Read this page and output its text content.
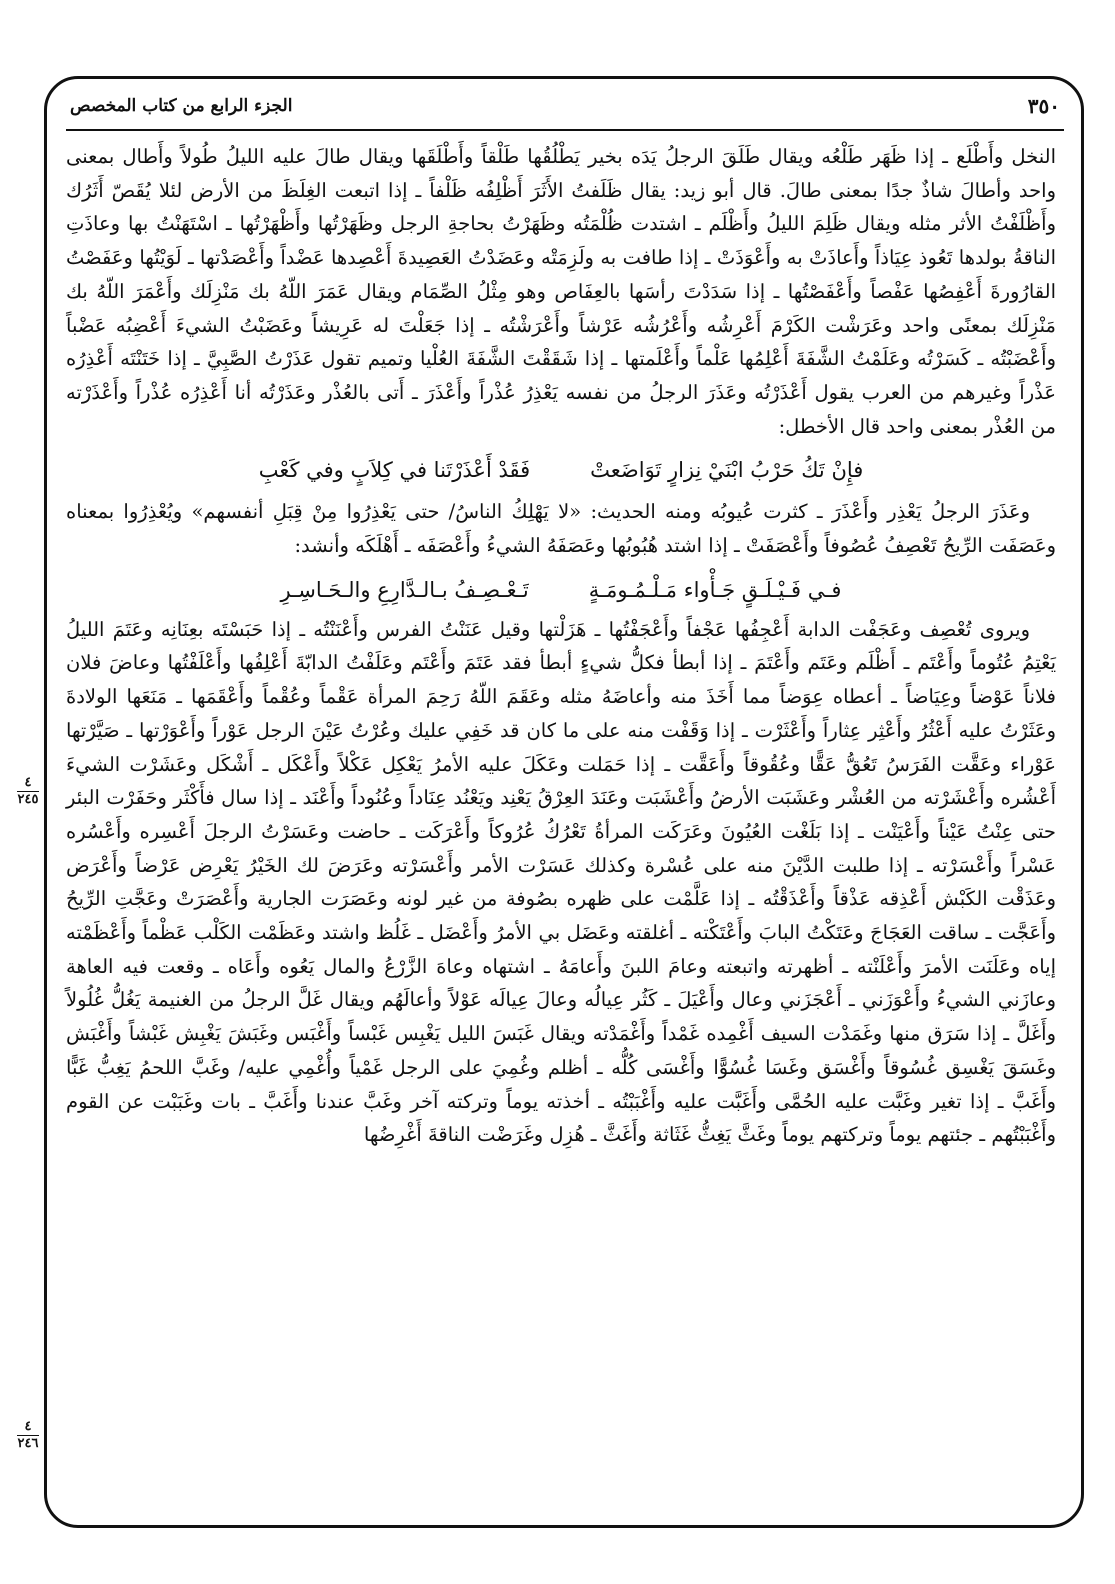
٣٥٠
الجزء الرابع من كتاب المخصص
٤
٢٤٥
٤
٢٤٦

النخل وأَطْلَع ـ إذا ظَهَر طَلْعُه ويقال طَلَقَ الرجلُ يَدَه بخير يَطْلُقُها طَلْقاً وأَطْلَقَها ويقال طالَ عليه الليلُ طُولاً وأَطال بمعنى واحد وأطالَ شاذٌ جدًا بمعنى طالَ. قال أبو زيد: يقال ظَلَفتُ الأَثَرَ أَظْلِفُه ظَلْفاً ـ إذا اتبعت الغِلَظَ من الأرض لئلا يُقَصّ أَثَرُك وأَظْلَفْتُ الأثر مثله ويقال ظَلِمَ الليلُ وأَظْلَم ـ اشتدت ظُلْمَتُه وظَهَرْتُ بحاجةِ الرجل وظَهَرْتُها وأَظْهَرْتُها ـ اسْتَهَنْتُ بها وعاذَتِ الناقةُ بولدها تَعُوذ عِيَاذاً وأَعاذَتْ به وأَعْوَذَتْ ـ إذا طافت به ولَزِمَتْه وعَضَدْتُ العَصِيدةَ أَعْصِدها عَضْداً وأَعْصَدْتها ـ لَوَيْتُها وعَفَصْتُ القارُورةَ أَعْفِصُها عَفْصاً وأَعْفَصْتُها ـ إذا سَدَدْتَ رأسَها بالعِفَاص وهو مِثْلُ الصِّمَام ويقال عَمَرَ اللّهُ بك مَنْزِلَك وأَعْمَرَ اللّهُ بك مَنْزِلَك بمعنًى واحد وعَرَشْت الكَرْمَ أَعْرِشُه وأَعْرُشُه عَرْشاً وأَعْرَشْتُه ـ إذا جَعَلْتَ له عَرِيشاً وعَضَبْتُ الشيءَ أَعْضِبُه عَضْباً وأَعْضَبْتُه ـ كَسَرْتُه وعَلَمْتُ الشَّفَةَ أَعْلِمُها عَلْماً وأَعْلَمتها ـ إذا شَقَقْتَ الشَّفَةَ العُلْيا وتميم تقول عَذَرْتُ الصَّبِيَّ ـ إذا خَتَنْتَه أَعْذِرُه عَذْراً وغيرهم من العرب يقول أَعْذَرْتُه وعَذَرَ الرجلُ من نفسه يَعْذِرُ عُذْراً وأَعْذَرَ ـ أَتى بالعُذْر وعَذَرْتُه أنا أَعْذِرُه عُذْراً وأَعْذَرْته من العُذْر بمعنى واحد قال الأخطل:

فإِنْ تَكُ حَرْبُ ابْنَيْ نِزارٍ تَوَاضَعتْ
فَقَدْ أَعْذَرْتَنا في كِلاَبٍ وفي كَعْبِ

وعَذَرَ الرجلُ يَعْذِر وأَعْذَرَ ـ كثرت عُيوبُه ومنه الحديث: «لا يَهْلِكُ الناسُ/ حتى يَعْذِرُوا مِنْ قِبَلِ أنفسهم» ويُعْذِرُوا بمعناه وعَصَفَت الرِّيحُ تَعْصِفُ عُصُوفاً وأَعْصَفَتْ ـ إذا اشتد هُبُوبُها وعَصَفَهُ الشيءُ وأَعْصَفَه ـ أَهْلَكَه وأنشد:

فـي فَـيْـلَـقٍ جَـأْواء مَـلْـمُـومَـةٍ
تَـعْـصِـفُ بـالـدَّارِعِ والـحَـاسِـرِ

ويروى تُعْصِف وعَجَفْت الدابة أَعْجِفُها عَجْفاً وأَعْجَفْتُها ـ هَزَلْتها وقيل عَنَنْتُ الفرس وأَعْنَنْتُه ـ إذا حَبَسْتَه بعِنَانِه وعَتَمَ الليلُ يَعْتِمُ عُتُوماً وأَعْتَم ـ أَظْلَم وعَتَم وأَعْتَمَ ـ إذا أبطأ فكلُّ شيءٍ أبطأ فقد عَتَمَ وأَعْتَم وعَلَفْتُ الدابّةَ أَعْلِفُها وأَعْلَفْتُها وعاضَ فلان فلاناً عَوْضاً وعِيَاضاً ـ أعطاه عِوَضاً مما أَخَذَ منه وأعاضَهُ مثله وعَقَمَ اللّهُ رَحِمَ المرأة عَقْماً وعُقْماً وأَعْقَمَها ـ مَنَعَها الولادةَ وعَثَرْتُ عليه أَعْثُرُ وأَعْثِر عِثاراً وأَعْثَرْت ـ إذا وَقَفْت منه على ما كان قد خَفِي عليك وعُرْتُ عَيْنَ الرجل عَوْراً وأَعْوَرْتها ـ صَيَّرْتها عَوْراء وعَقَّت الفَرَسُ تَعُقُّ عَقًّا وعُقُوقاً وأَعَقَّت ـ إذا حَمَلت وعَكَلَ عليه الأمرُ يَعْكِل عَكْلاً وأَعْكَل ـ أَشْكَل وعَشَرْت الشيءَ أَعْشُره وأَعْشَرْته من العُشْر وعَشَبَت الأرضُ وأَعْشَبَت وعَنَدَ العِرْقُ يَعْنِد ويَعْنُد عِنَاداً وعُنُوداً وأَعْنَد ـ إذا سال فأَكْثَر وحَفَرْت البئر حتى عِنْتُ عَيْناً وأَعْيَنْت ـ إذا بَلَغْت العُيُونَ وعَرَكَت المرأةُ تَعْرُكُ عُرُوكاً وأَعْرَكَت ـ حاضت وعَسَرْتُ الرجلَ أَعْسِره وأَعْسُره عَسْراً وأَعْسَرْته ـ إذا طلبت الدَّيْنَ منه على عُسْرة وكذلك عَسَرْت الأمر وأَعْسَرْته وعَرَضَ لك الخَيْرُ يَعْرِض عَرْضاً وأَعْرَض وعَذَقْت الكَبْش أَعْذِقه عَذْقاً وأَعْذَقْتُه ـ إذا عَلَّمْت على ظهره بصُوفة من غير لونه وعَصَرَت الجارية وأَعْصَرَتْ وعَجَّتِ الرِّيحُ وأَعَجَّت ـ ساقت العَجَاجَ وعَتَكْتُ البابَ وأَعْتَكْته ـ أغلقته وعَضَل بي الأمرُ وأَعْضَل ـ غَلُظ واشتد وعَظَمْت الكَلْب عَظْماً وأَعْظَمْته إياه وعَلَنَت الأمرَ وأَعْلَنْته ـ أظهرته واتبعته وعامَ اللبنَ وأَعامَهُ ـ اشتهاه وعاهَ الزَّرْعُ والمال يَعُوه وأَعَاه ـ وقعت فيه العاهة وعازَني الشيءُ وأَعْوَزَني ـ أَعْجَزَني وعال وأَعْيَلَ ـ كَثُر عِيالُه وعالَ عِيالَه عَوْلاً وأعالَهُم ويقال غَلَّ الرجلُ من الغنيمة يَغُلُّ غُلُولاً وأَغَلَّ ـ إذا سَرَق منها وغَمَدْت السيف أَغْمِده غَمْداً وأَغْمَدْته ويقال غَبَسَ الليل يَغْبِس غَبْساً وأَغْبَس وغَبَشَ يَغْبِش غَبْشاً وأَغْبَش وغَسَقَ يَغْسِق غُسُوقاً وأَغْسَق وغَسَا غُسُوًّا وأَغْسَى كُلُّه ـ أظلم وغُمِيَ على الرجل غَمْياً وأُغْمِي عليه/ وغَبَّ اللحمُ يَغِبُّ غَبًّا وأَغَبَّ ـ إذا تغير وغَبَّت عليه الحُمَّى وأَغَبَّت عليه وأَغْبَبْتُه ـ أخذته يوماً وتركته آخر وغَبَّ عندنا وأَغَبَّ ـ بات وغَبَبْت عن القوم وأَغْبَبْتُهم ـ جئتهم يوماً وتركتهم يوماً وغَثَّ يَغِثُّ غَثَاثة وأَغَثَّ ـ هُزِل وغَرَضْت الناقةَ أَغْرِضُها
